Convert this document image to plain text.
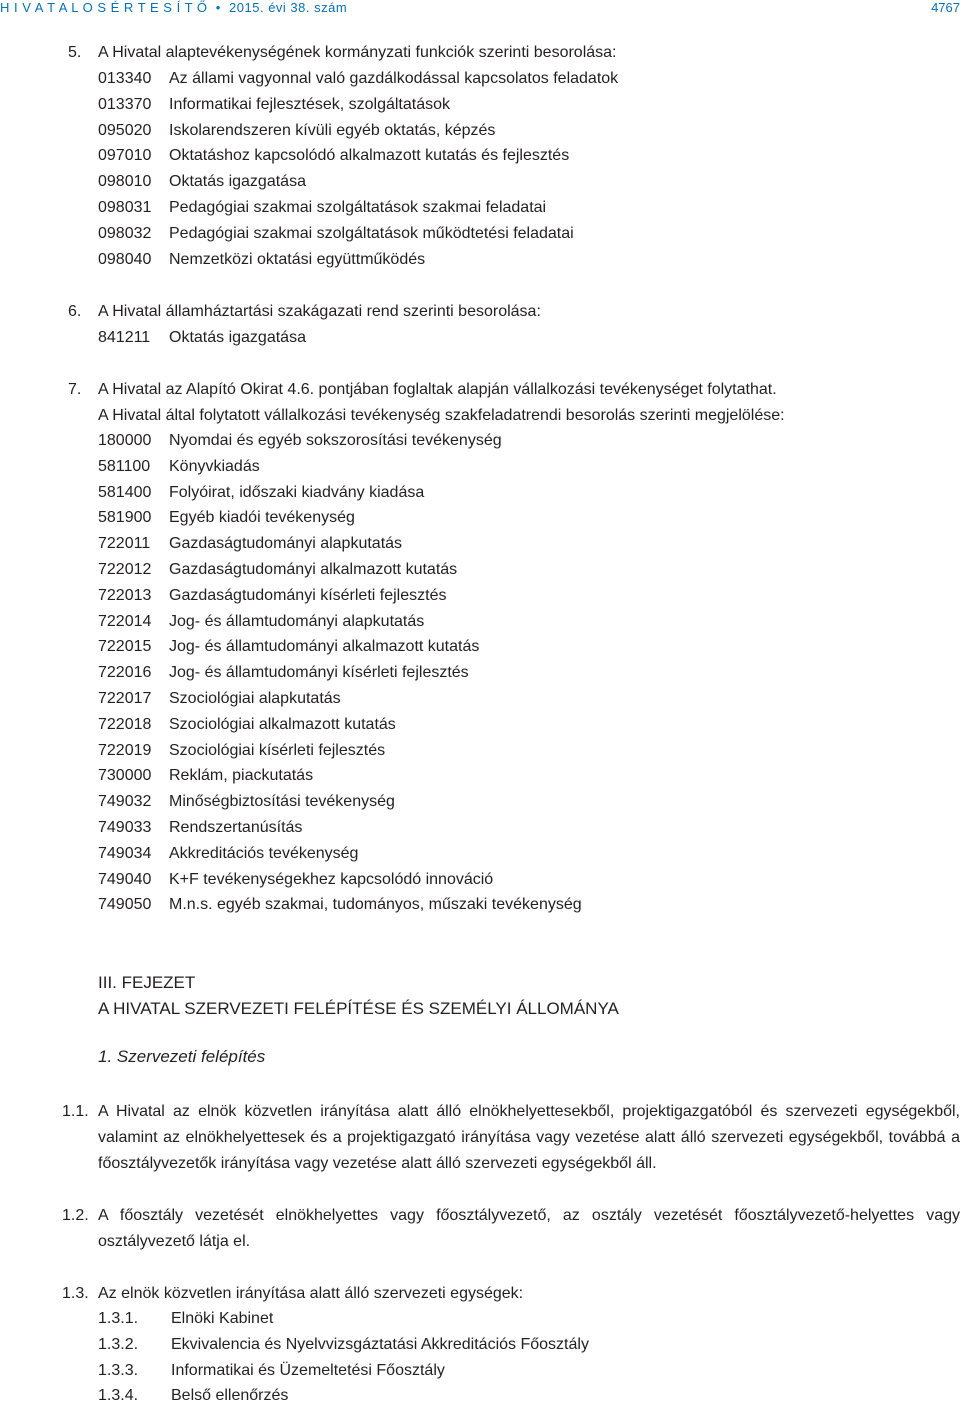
H I V A T A L O S É R T E S Í T Ő  •  2015. évi 38. szám	4767
5. A Hivatal alaptevékenységének kormányzati funkciók szerinti besorolása:
013340 Az állami vagyonnal való gazdálkodással kapcsolatos feladatok
013370 Informatikai fejlesztések, szolgáltatások
095020 Iskolarendszeren kívüli egyéb oktatás, képzés
097010 Oktatáshoz kapcsolódó alkalmazott kutatás és fejlesztés
098010 Oktatás igazgatása
098031 Pedagógiai szakmai szolgáltatások szakmai feladatai
098032 Pedagógiai szakmai szolgáltatások működtetési feladatai
098040 Nemzetközi oktatási együttműködés
6. A Hivatal államháztartási szakágazati rend szerinti besorolása:
841211 Oktatás igazgatása
7. A Hivatal az Alapító Okirat 4.6. pontjában foglaltak alapján vállalkozási tevékenységet folytathat.
A Hivatal által folytatott vállalkozási tevékenység szakfeladatrendi besorolás szerinti megjelölése:
180000 Nyomdai és egyéb sokszorosítási tevékenység
581100 Könyvkiadás
581400 Folyóirat, időszaki kiadvány kiadása
581900 Egyéb kiadói tevékenység
722011 Gazdaságtudományi alapkutatás
722012 Gazdaságtudományi alkalmazott kutatás
722013 Gazdaságtudományi kísérleti fejlesztés
722014 Jog- és államtudományi alapkutatás
722015 Jog- és államtudományi alkalmazott kutatás
722016 Jog- és államtudományi kísérleti fejlesztés
722017 Szociológiai alapkutatás
722018 Szociológiai alkalmazott kutatás
722019 Szociológiai kísérleti fejlesztés
730000 Reklám, piackutatás
749032 Minőségbiztosítási tevékenység
749033 Rendszertanúsítás
749034 Akkreditációs tevékenység
749040 K+F tevékenységekhez kapcsolódó innováció
749050 M.n.s. egyéb szakmai, tudományos, műszaki tevékenység
III. FEJEZET
A HIVATAL SZERVEZETI FELÉPÍTÉSE ÉS SZEMÉLYI ÁLLOMÁNYA
1. Szervezeti felépítés
1.1. A Hivatal az elnök közvetlen irányítása alatt álló elnökhelyettesekből, projektigazgatóból és szervezeti egységekből, valamint az elnökhelyettesek és a projektigazgató irányítása vagy vezetése alatt álló szervezeti egységekből, továbbá a főosztályvezetők irányítása vagy vezetése alatt álló szervezeti egységekből áll.
1.2. A főosztály vezetését elnökhelyettes vagy főosztályvezető, az osztály vezetését főosztályvezető-helyettes vagy osztályvezető látja el.
1.3. Az elnök közvetlen irányítása alatt álló szervezeti egységek:
1.3.1. Elnöki Kabinet
1.3.2. Ekvivalencia és Nyelvvizsgáztatási Akkreditációs Főosztály
1.3.3. Informatikai és Üzemeltetési Főosztály
1.3.4. Belső ellenőrzés
